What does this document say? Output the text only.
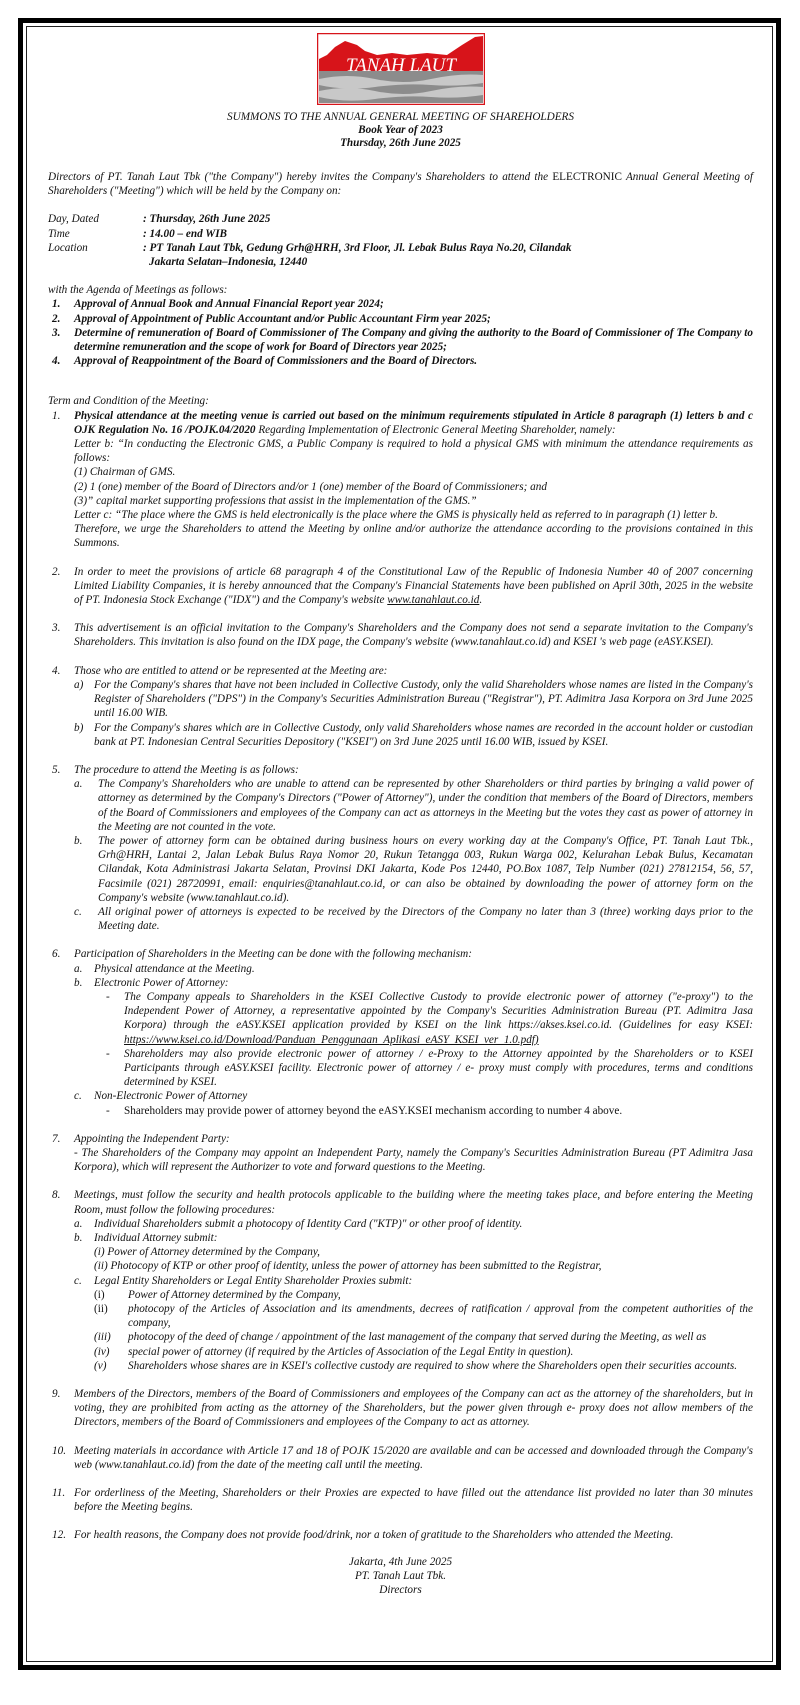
TANAH LAUT
SUMMONS TO THE ANNUAL GENERAL MEETING OF SHAREHOLDERS
Book Year of 2023
Thursday, 26th June 2025

Directors of PT. Tanah Laut Tbk ("the Company") hereby invites the Company's Shareholders to attend the ELECTRONIC Annual General Meeting of Shareholders ("Meeting") which will be held by the Company on:

Day, Dated	: Thursday, 26th June 2025
Time	: 14.00 – end WIB
Location	: PT Tanah Laut Tbk, Gedung Grh@HRH, 3rd Floor, Jl. Lebak Bulus Raya No.20, Cilandak
Jakarta Selatan–Indonesia, 12440
with the Agenda of Meetings as follows:
1.	Approval of Annual Book and Annual Financial Report year 2024;
2.	Approval of Appointment of Public Accountant and/or Public Accountant Firm year 2025;
3.	Determine of remuneration of Board of Commissioner of The Company and giving the authority to the Board of Commissioner of The Company to determine remuneration and the scope of work for Board of Directors year 2025;
4.	Approval of Reappointment of the Board of Commissioners and the Board of Directors.
Term and Condition of the Meeting:
1.	Physical attendance at the meeting venue is carried out based on the minimum requirements stipulated in Article 8 paragraph (1) letters b and c OJK Regulation No. 16 /POJK.04/2020 Regarding Implementation of Electronic General Meeting Shareholder, namely:
Letter b: “In conducting the Electronic GMS, a Public Company is required to hold a physical GMS with minimum the attendance requirements as follows:
(1) Chairman of GMS.
(2) 1 (one) member of the Board of Directors and/or 1 (one) member of the Board of Commissioners; and
(3)” capital market supporting professions that assist in the implementation of the GMS.”
Letter c: “The place where the GMS is held electronically is the place where the GMS is physically held as referred to in paragraph (1) letter b.
Therefore, we urge the Shareholders to attend the Meeting by online and/or authorize the attendance according to the provisions contained in this Summons.
2.	In order to meet the provisions of article 68 paragraph 4 of the Constitutional Law of the Republic of Indonesia Number 40 of 2007 concerning Limited Liability Companies, it is hereby announced that the Company's Financial Statements have been published on April 30th, 2025 in the website of PT. Indonesia Stock Exchange ("IDX") and the Company's website www.tanahlaut.co.id.
3.	This advertisement is an official invitation to the Company's Shareholders and the Company does not send a separate invitation to the Company's Shareholders. This invitation is also found on the IDX page, the Company's website (www.tanahlaut.co.id) and KSEI 's web page (eASY.KSEI).
4.	Those who are entitled to attend or be represented at the Meeting are:
a) For the Company's shares that have not been included in Collective Custody, only the valid Shareholders whose names are listed in the Company's Register of Shareholders ("DPS") in the Company's Securities Administration Bureau ("Registrar"), PT. Adimitra Jasa Korpora on 3rd June 2025 until 16.00 WIB.
b) For the Company's shares which are in Collective Custody, only valid Shareholders whose names are recorded in the account holder or custodian bank at PT. Indonesian Central Securities Depository ("KSEI") on 3rd June 2025 until 16.00 WIB, issued by KSEI.
5.	The procedure to attend the Meeting is as follows:
a.	The Company's Shareholders who are unable to attend can be represented by other Shareholders or third parties by bringing a valid power of attorney as determined by the Company's Directors ("Power of Attorney"), under the condition that members of the Board of Directors, members of the Board of Commissioners and employees of the Company can act as attorneys in the Meeting but the votes they cast as power of attorney in the Meeting are not counted in the vote.
b.	The power of attorney form can be obtained during business hours on every working day at the Company's Office, PT. Tanah Laut Tbk., Grh@HRH, Lantai 2, Jalan Lebak Bulus Raya Nomor 20, Rukun Tetangga 003, Rukun Warga 002, Kelurahan Lebak Bulus, Kecamatan Cilandak, Kota Administrasi Jakarta Selatan, Provinsi DKI Jakarta, Kode Pos 12440, PO.Box 1087, Telp Number (021) 27812154, 56, 57, Facsimile (021) 28720991, email: enquiries@tanahlaut.co.id, or can also be obtained by downloading the power of attorney form on the Company's website (www.tanahlaut.co.id).
c.	All original power of attorneys is expected to be received by the Directors of the Company no later than 3 (three) working days prior to the Meeting date.
6.	Participation of Shareholders in the Meeting can be done with the following mechanism:
a.	Physical attendance at the Meeting.
b.	Electronic Power of Attorney:
-	The Company appeals to Shareholders in the KSEI Collective Custody to provide electronic power of attorney ("e-proxy") to the Independent Power of Attorney, a representative appointed by the Company's Securities Administration Bureau (PT. Adimitra Jasa Korpora) through the eASY.KSEI application provided by KSEI on the link https://akses.ksei.co.id. (Guidelines for easy KSEI: https://www.ksei.co.id/Download/Panduan_Penggunaan_Aplikasi_eASY_KSEI_ver_1.0.pdf)
-	Shareholders may also provide electronic power of attorney / e-Proxy to the Attorney appointed by the Shareholders or to KSEI Participants through eASY.KSEI facility. Electronic power of attorney / e- proxy must comply with procedures, terms and conditions determined by KSEI.
c.	Non-Electronic Power of Attorney
-	Shareholders may provide power of attorney beyond the eASY.KSEI mechanism according to number 4 above.
7.	Appointing the Independent Party:
- The Shareholders of the Company may appoint an Independent Party, namely the Company's Securities Administration Bureau (PT Adimitra Jasa Korpora), which will represent the Authorizer to vote and forward questions to the Meeting.
8.	Meetings, must follow the security and health protocols applicable to the building where the meeting takes place, and before entering the Meeting Room, must follow the following procedures:
a.	Individual Shareholders submit a photocopy of Identity Card ("KTP)" or other proof of identity.
b.	Individual Attorney submit:
(i) Power of Attorney determined by the Company,
(ii) Photocopy of KTP or other proof of identity, unless the power of attorney has been submitted to the Registrar,
c.	Legal Entity Shareholders or Legal Entity Shareholder Proxies submit:
(i)	Power of Attorney determined by the Company,
(ii)	photocopy of the Articles of Association and its amendments, decrees of ratification / approval from the competent authorities of the company,
(iii)	photocopy of the deed of change / appointment of the last management of the company that served during the Meeting, as well as
(iv)	special power of attorney (if required by the Articles of Association of the Legal Entity in question).
(v)	Shareholders whose shares are in KSEI's collective custody are required to show where the Shareholders open their securities accounts.
9.	Members of the Directors, members of the Board of Commissioners and employees of the Company can act as the attorney of the shareholders, but in voting, they are prohibited from acting as the attorney of the Shareholders, but the power given through e- proxy does not allow members of the Directors, members of the Board of Commissioners and employees of the Company to act as attorney.
10. Meeting materials in accordance with Article 17 and 18 of POJK 15/2020 are available and can be accessed and downloaded through the Company's web (www.tanahlaut.co.id) from the date of the meeting call until the meeting.
11. For orderliness of the Meeting, Shareholders or their Proxies are expected to have filled out the attendance list provided no later than 30 minutes before the Meeting begins.
12. For health reasons, the Company does not provide food/drink, nor a token of gratitude to the Shareholders who attended the Meeting.
Jakarta, 4th June 2025
PT. Tanah Laut Tbk.
Directors
